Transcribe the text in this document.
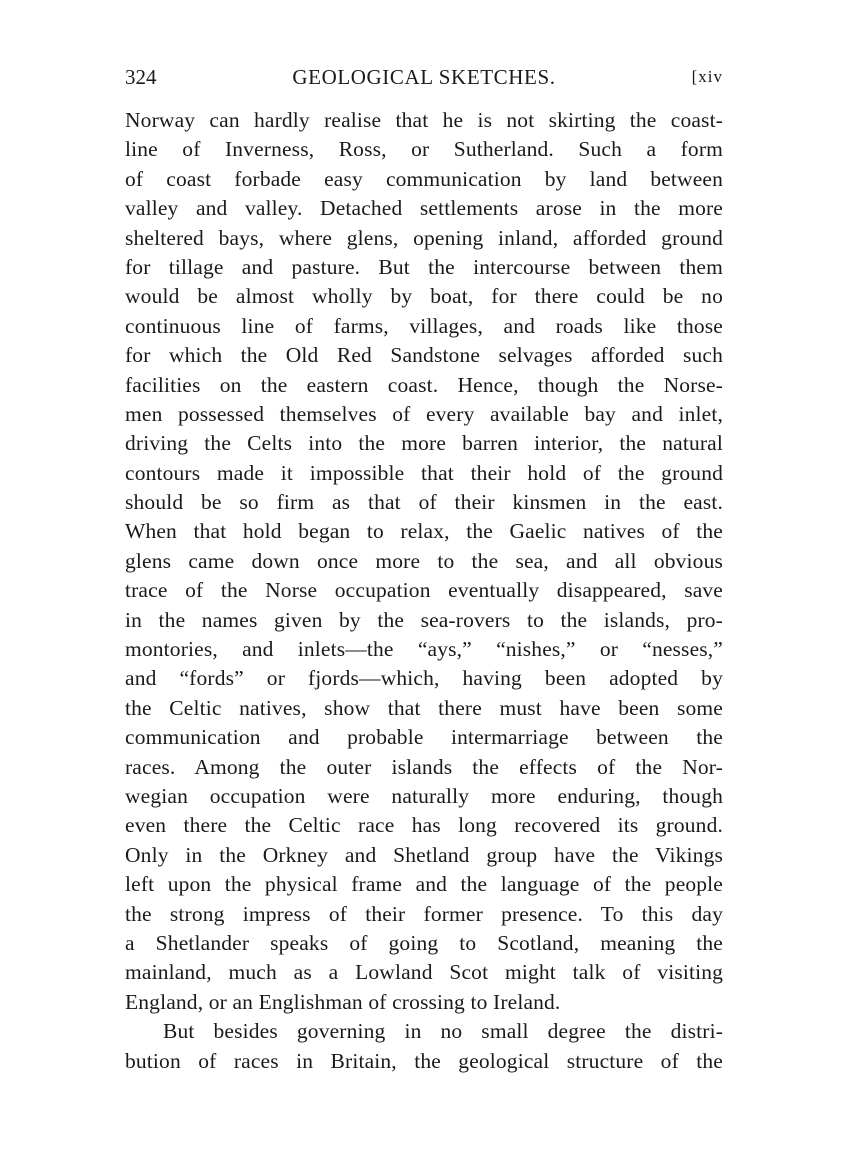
324	GEOLOGICAL SKETCHES.	[xiv
Norway can hardly realise that he is not skirting the coast-
line of Inverness, Ross, or Sutherland. Such a form
of coast forbade easy communication by land between
valley and valley. Detached settlements arose in the more
sheltered bays, where glens, opening inland, afforded ground
for tillage and pasture. But the intercourse between them
would be almost wholly by boat, for there could be no
continuous line of farms, villages, and roads like those
for which the Old Red Sandstone selvages afforded such
facilities on the eastern coast. Hence, though the Norse-
men possessed themselves of every available bay and inlet,
driving the Celts into the more barren interior, the natural
contours made it impossible that their hold of the ground
should be so firm as that of their kinsmen in the east.
When that hold began to relax, the Gaelic natives of the
glens came down once more to the sea, and all obvious
trace of the Norse occupation eventually disappeared, save
in the names given by the sea-rovers to the islands, pro-
montories, and inlets—the “ays,” “nishes,” or “nesses,”
and “fords” or fjords—which, having been adopted by
the Celtic natives, show that there must have been some
communication and probable intermarriage between the
races. Among the outer islands the effects of the Nor-
wegian occupation were naturally more enduring, though
even there the Celtic race has long recovered its ground.
Only in the Orkney and Shetland group have the Vikings
left upon the physical frame and the language of the people
the strong impress of their former presence. To this day
a Shetlander speaks of going to Scotland, meaning the
mainland, much as a Lowland Scot might talk of visiting
England, or an Englishman of crossing to Ireland.
But besides governing in no small degree the distri-
bution of races in Britain, the geological structure of the
